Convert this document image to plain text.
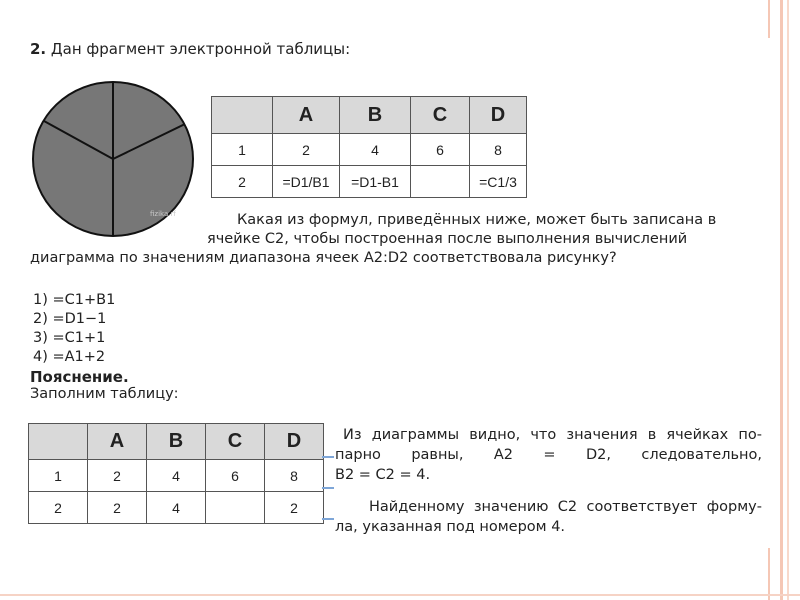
2. Дан фрагмент электронной таблицы:
fizika.rf
	A	B	C	D
1	2	4	6	8
2	=D1/B1	=D1-B1		=C1/3
Какая из формул, приведённых ниже, может быть записана в
ячейке С2, чтобы построенная после выполнения вычислений
диаграмма по значениям диапазона ячеек A2:D2 соответствовала рисунку?
1) =C1+B1
2) =D1−1
3) =C1+1
4) =A1+2
Пояснение.
Заполним таблицу:
	A	B	C	D
1	2	4	6	8
2	2	4		2
Из диаграммы видно, что значения в ячейках по-
парно равны, A2 = D2, следовательно,
B2 = C2 = 4.
Найденному значению С2 соответствует форму-
ла, указанная под номером 4.
